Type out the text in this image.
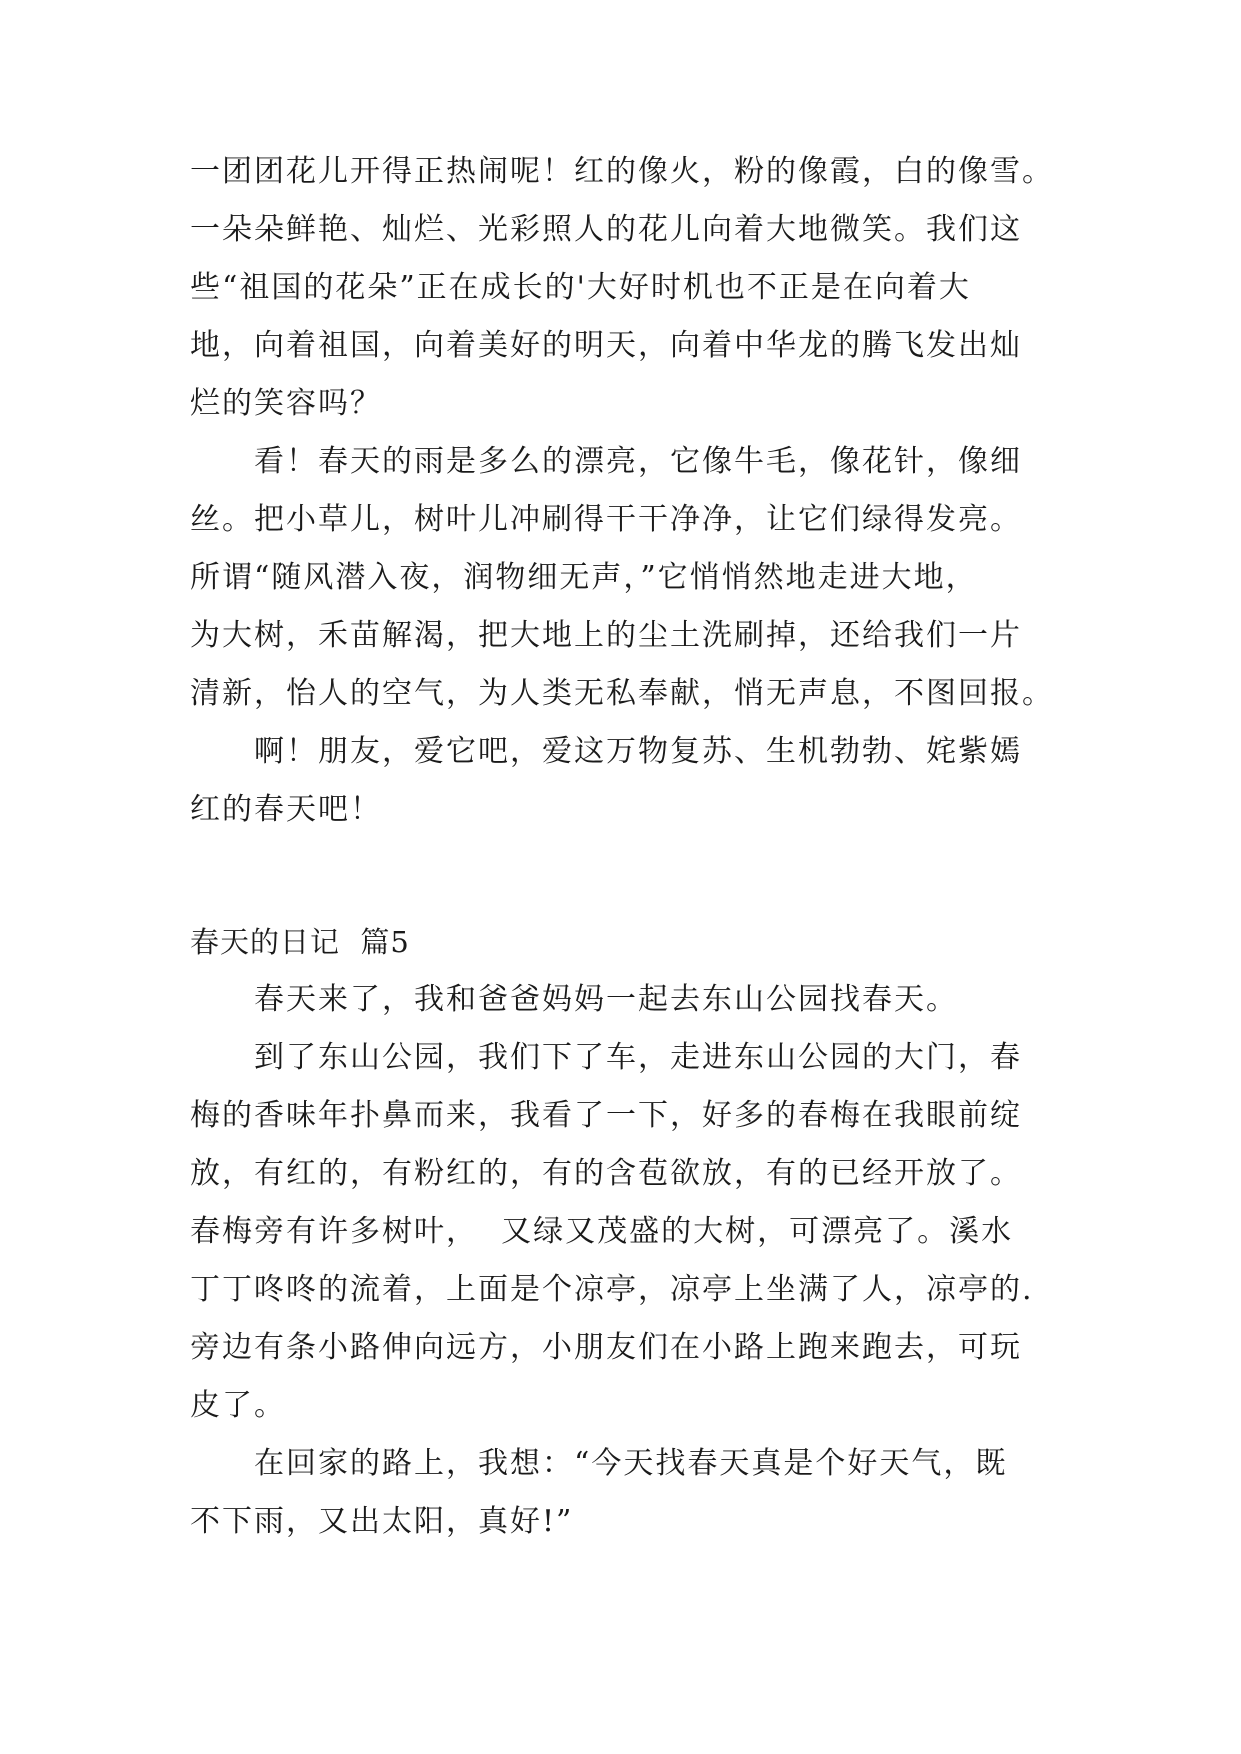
一团团花儿开得正热闹呢！红的像火，粉的像霞，白的像雪。
一朵朵鲜艳、灿烂、光彩照人的花儿向着大地微笑。我们这
些“祖国的花朵”正在成长的'大好时机也不正是在向着大
地，向着祖国，向着美好的明天，向着中华龙的腾飞发出灿
烂的笑容吗？
看！春天的雨是多么的漂亮，它像牛毛，像花针，像细
丝。把小草儿，树叶儿冲刷得干干净净，让它们绿得发亮。
所谓“随风潜入夜，润物细无声，”它悄悄然地走进大地，
为大树，禾苗解渴，把大地上的尘土洗刷掉，还给我们一片
清新，怡人的空气，为人类无私奉献，悄无声息，不图回报。
啊！朋友，爱它吧，爱这万物复苏、生机勃勃、姹紫嫣
红的春天吧！
春天的日记  篇5
春天来了，我和爸爸妈妈一起去东山公园找春天。
到了东山公园，我们下了车，走进东山公园的大门，春
梅的香味年扑鼻而来，我看了一下，好多的春梅在我眼前绽
放，有红的，有粉红的，有的含苞欲放，有的已经开放了。
春梅旁有许多树叶，  又绿又茂盛的大树，可漂亮了。溪水
丁丁咚咚的流着，上面是个凉亭，凉亭上坐满了人，凉亭的.
旁边有条小路伸向远方，小朋友们在小路上跑来跑去，可玩
皮了。
在回家的路上，我想：“今天找春天真是个好天气，既
不下雨，又出太阳，真好!”
